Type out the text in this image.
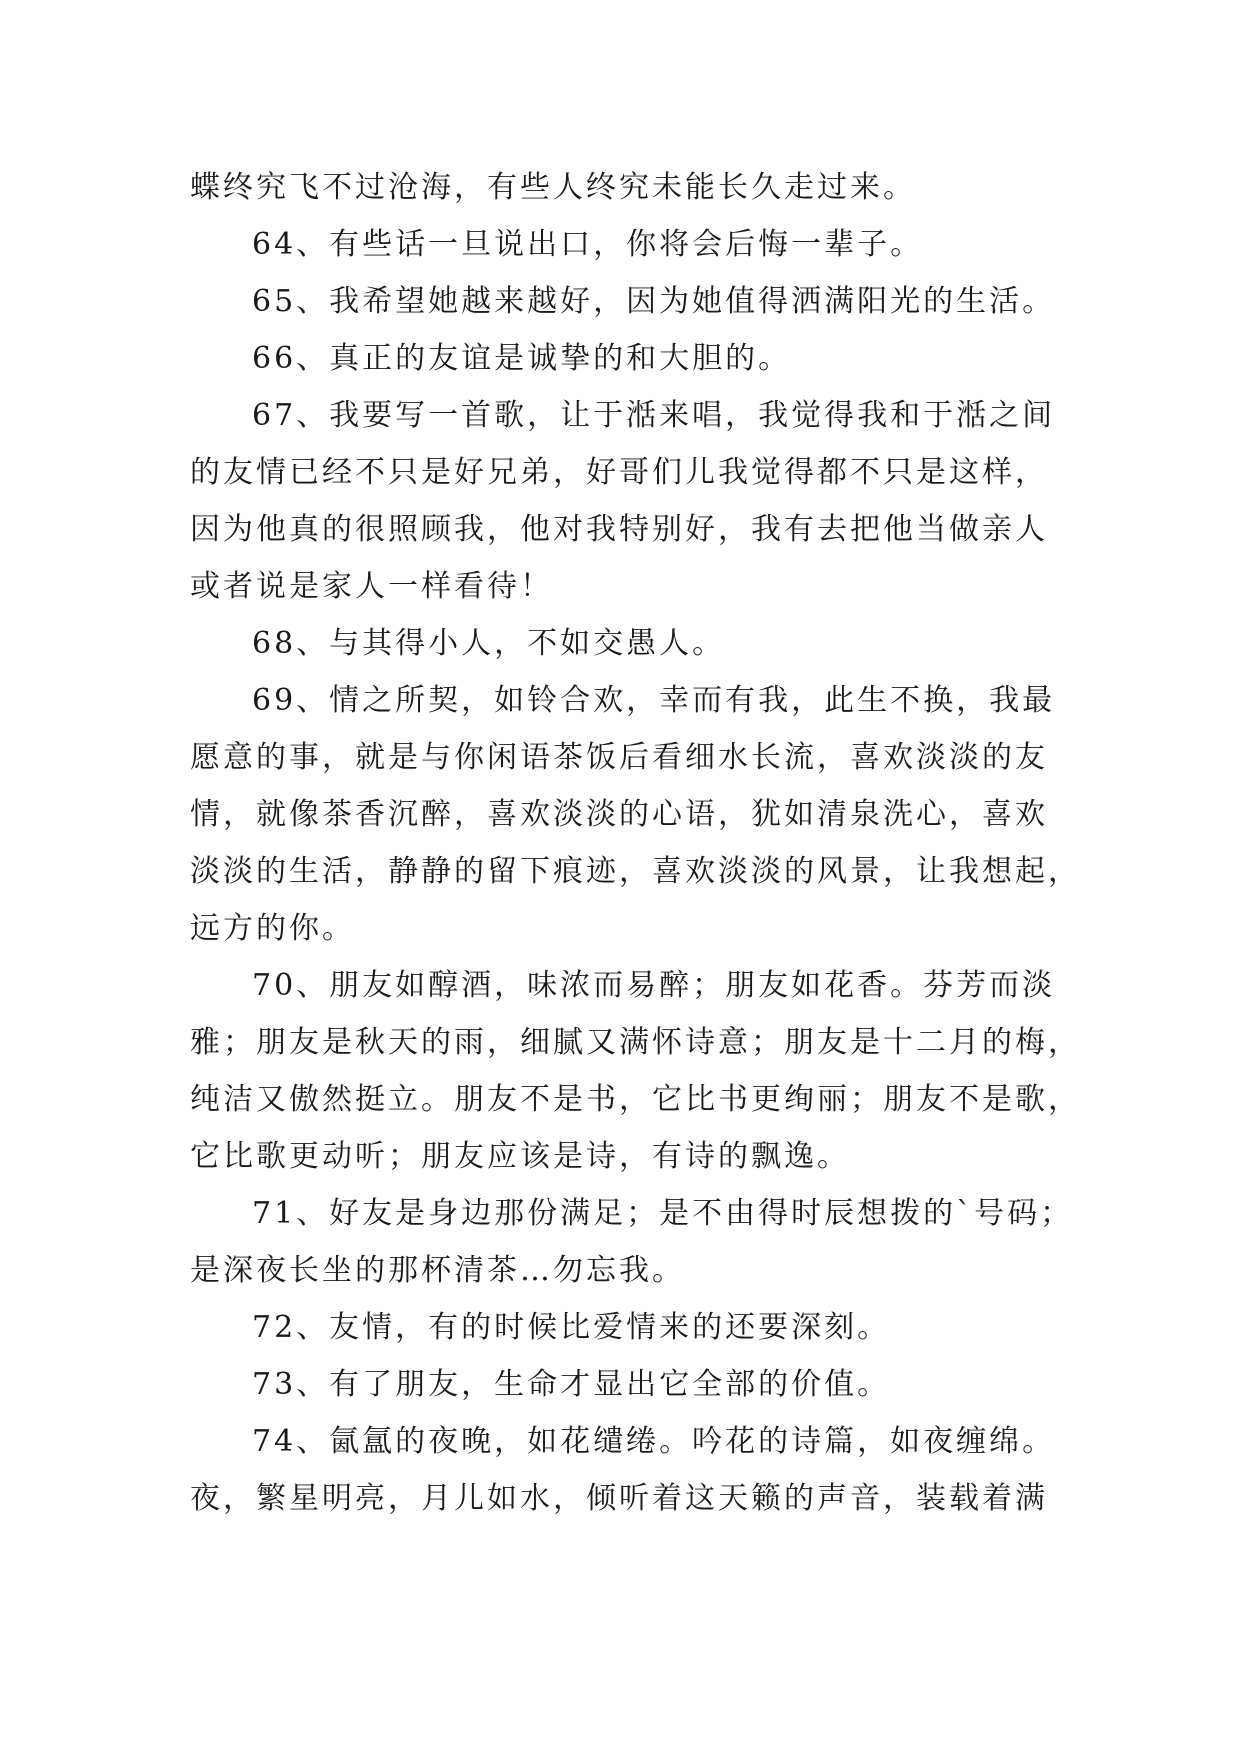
蝶终究飞不过沧海，有些人终究未能长久走过来。
64、有些话一旦说出口，你将会后悔一辈子。
65、我希望她越来越好，因为她值得洒满阳光的生活。
66、真正的友谊是诚挚的和大胆的。
67、我要写一首歌，让于湉来唱，我觉得我和于湉之间
的友情已经不只是好兄弟，好哥们儿我觉得都不只是这样，
因为他真的很照顾我，他对我特别好，我有去把他当做亲人
或者说是家人一样看待！
68、与其得小人，不如交愚人。
69、情之所契，如铃合欢，幸而有我，此生不换，我最
愿意的事，就是与你闲语茶饭后看细水长流，喜欢淡淡的友
情，就像茶香沉醉，喜欢淡淡的心语，犹如清泉洗心，喜欢
淡淡的生活，静静的留下痕迹，喜欢淡淡的风景，让我想起，
远方的你。
70、朋友如醇酒，味浓而易醉；朋友如花香。芬芳而淡
雅；朋友是秋天的雨，细腻又满怀诗意；朋友是十二月的梅，
纯洁又傲然挺立。朋友不是书，它比书更绚丽；朋友不是歌，
它比歌更动听；朋友应该是诗，有诗的飘逸。
71、好友是身边那份满足；是不由得时辰想拨的`号码；
是深夜长坐的那杯清茶…勿忘我。
72、友情，有的时候比爱情来的还要深刻。
73、有了朋友，生命才显出它全部的价值。
74、氤氲的夜晚，如花缱绻。吟花的诗篇，如夜缠绵。
夜，繁星明亮，月儿如水，倾听着这天籁的声音，装载着满
